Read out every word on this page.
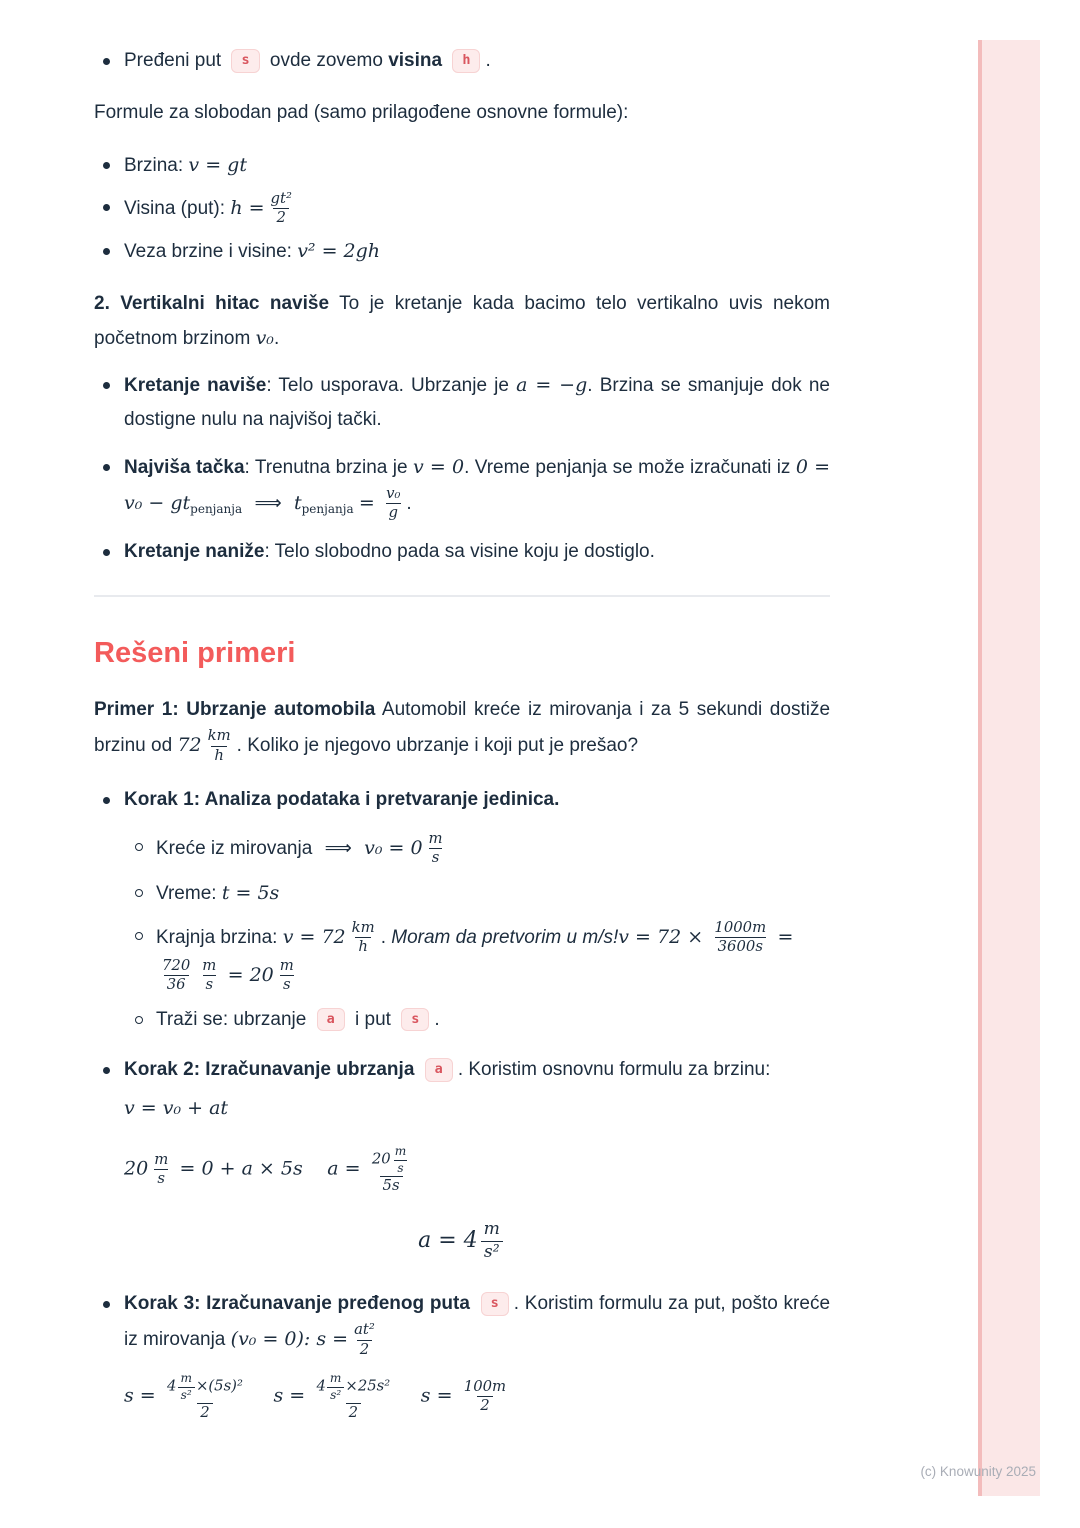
Pređeni put s ovde zovemo visina h .

Formule za slobodan pad (samo prilagođene osnovne formule):

Brzina: v = gt
Visina (put): $h = \frac{\text{gt²}}{2}$
Veza brzine i visine: v² = 2gh

2. Vertikalni hitac naviše To je kretanje kada bacimo telo vertikalno uvis nekom početnom brzinom v₀.

Kretanje naviše: Telo usporava. Ubrzanje je a = −g. Brzina se smanjuje dok ne dostigne nulu na najvišoj tački.
Najviša tačka: Trenutna brzina je v = 0. Vreme penjanja se može izračunati iz $0 = v_0 - gt_{penjanja}$ ⟹ $t_{penjanja} = \frac{\text{v₀}}{g}$ .
Kretanje naniže: Telo slobodno pada sa visine koju je dostiglo.
Rešeni primeri

Primer 1: Ubrzanje automobila Automobil kreće iz mirovanja i za 5 sekundi dostiže brzinu od $72 \frac{km}{h}$ . Koliko je njegovo ubrzanje i koji put je prešao?

Korak 1: Analiza podataka i pretvaranje jedinica.
Kreće iz mirovanja ⟹ $v_0 = 0 \frac{m}{s}$
Vreme: t = 5s
Krajnja brzina: $v = 72 \frac{km}{h}$ . Moram da pretvorim u $m/s!v = 72 \times \frac{1000m}{3600s}$ =
$\frac{720}{36} \frac{m}{s} = 20 \frac{m}{s}$
Traži se: ubrzanje a i put s .
Korak 2: Izračunavanje ubrzanja a . Koristim osnovnu formulu za brzinu:
v = v₀ + at
$20 \frac{m}{s} = 0 + a \times 5s$ $a = \frac{20 \frac{m}{s}}{5s}$
$a = 4 \frac{m}{\text{s²}}$
Korak 3: Izračunavanje pređenog puta s . Koristim formulu za put, pošto kreće iz mirovanja (v₀ = 0): $s = \frac{\text{at²}}{2}$
$s = \frac{4 \frac{m}{\text{s²}} \times(5s)^2}{2}$ $s = \frac{4 \frac{m}{\text{s²}} \times 25s^2}{2}$ $s = \frac{100m}{2}$
(c) Knowunity 2025
